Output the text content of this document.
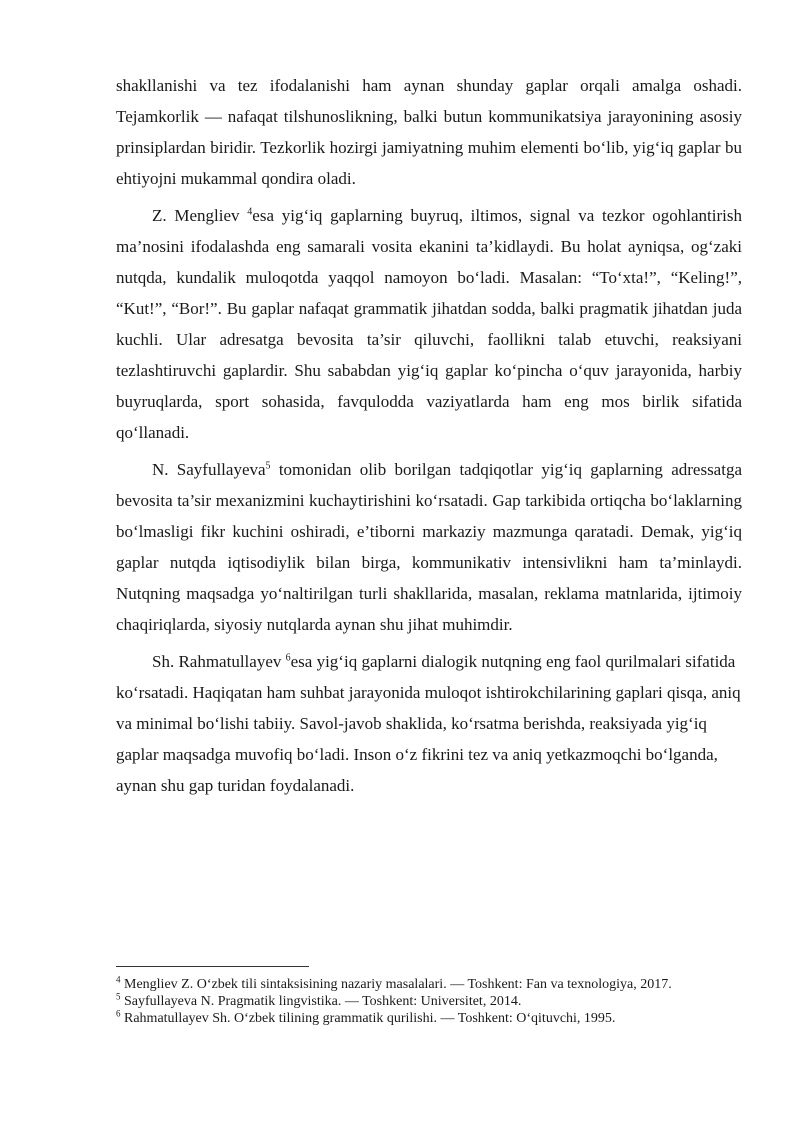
shakllanishi va tez ifodalanishi ham aynan shunday gaplar orqali amalga oshadi. Tejamkorlik — nafaqat tilshunoslikning, balki butun kommunikatsiya jarayonining asosiy prinsiplardan biridir. Tezkorlik hozirgi jamiyatning muhim elementi bo‘lib, yig‘iq gaplar bu ehtiyojni mukammal qondira oladi.

Z. Mengliev $^4$esa yig‘iq gaplarning buyruq, iltimos, signal va tezkor ogohlantirish ma’nosini ifodalashda eng samarali vosita ekanini ta’kidlaydi. Bu holat ayniqsa, og‘zaki nutqda, kundalik muloqotda yaqqol namoyon bo‘ladi. Masalan: “To‘xta!”, “Keling!”, “Kut!”, “Bor!”. Bu gaplar nafaqat grammatik jihatdan sodda, balki pragmatik jihatdan juda kuchli. Ular adresatga bevosita ta’sir qiluvchi, faollikni talab etuvchi, reaksiyani tezlashtiruvchi gaplardir. Shu sababdan yig‘iq gaplar ko‘pincha o‘quv jarayonida, harbiy buyruqlarda, sport sohasida, favqulodda vaziyatlarda ham eng mos birlik sifatida qo‘llanadi.

N. Sayfullayeva$^5$ tomonidan olib borilgan tadqiqotlar yig‘iq gaplarning adressatga bevosita ta’sir mexanizmini kuchaytirishini ko‘rsatadi. Gap tarkibida ortiqcha bo‘laklarning bo‘lmasligi fikr kuchini oshiradi, e’tiborni markaziy mazmunga qaratadi. Demak, yig‘iq gaplar nutqda iqtisodiylik bilan birga, kommunikativ intensivlikni ham ta’minlaydi. Nutqning maqsadga yo‘naltirilgan turli shakllarida, masalan, reklama matnlarida, ijtimoiy chaqiriqlarda, siyosiy nutqlarda aynan shu jihat muhimdir.

Sh. Rahmatullayev $^6$esa yig‘iq gaplarni dialogik nutqning eng faol qurilmalari sifatida ko‘rsatadi. Haqiqatan ham suhbat jarayonida muloqot ishtirokchilarining gaplari qisqa, aniq va minimal bo‘lishi tabiiy. Savol-javob shaklida, ko‘rsatma berishda, reaksiyada yig‘iq gaplar maqsadga muvofiq bo‘ladi. Inson o‘z fikrini tez va aniq yetkazmoqchi bo‘lganda, aynan shu gap turidan foydalanadi.

$^4$ Mengliev Z. O‘zbek tili sintaksisining nazariy masalalari. — Toshkent: Fan va texnologiya, 2017.

$^5$ Sayfullayeva N. Pragmatik lingvistika. — Toshkent: Universitet, 2014.

$^6$ Rahmatullayev Sh. O‘zbek tilining grammatik qurilishi. — Toshkent: O‘qituvchi, 1995.
